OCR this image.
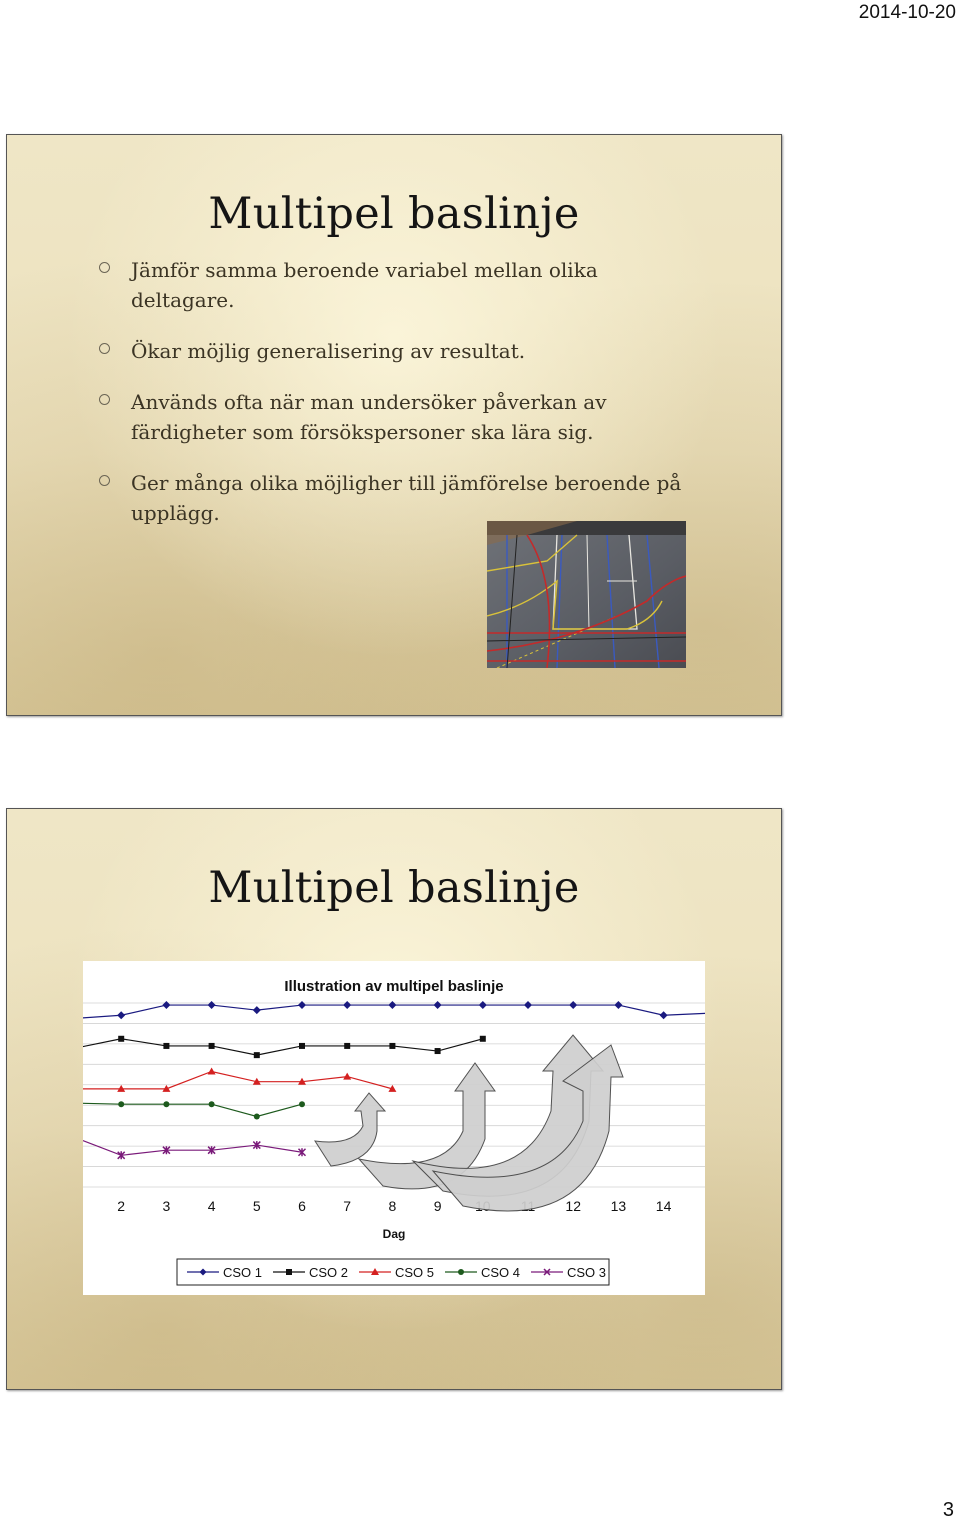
2014-10-20
Multipel baslinje
Jämför samma beroende variabel mellan olika
deltagare.
Ökar möjlig generalisering av resultat.
Används ofta när man undersöker påverkan av
färdigheter som försökspersoner ska lära sig.
Ger många olika möjligher till jämförelse beroende på
upplägg.
Multipel baslinje
Illustration av multipel baslinje
2	3	4	5	6	7	8	9	12 13 14
Dag
CSO 1	CSO 2	CSO 5	CSO 4	CSO 3
3
